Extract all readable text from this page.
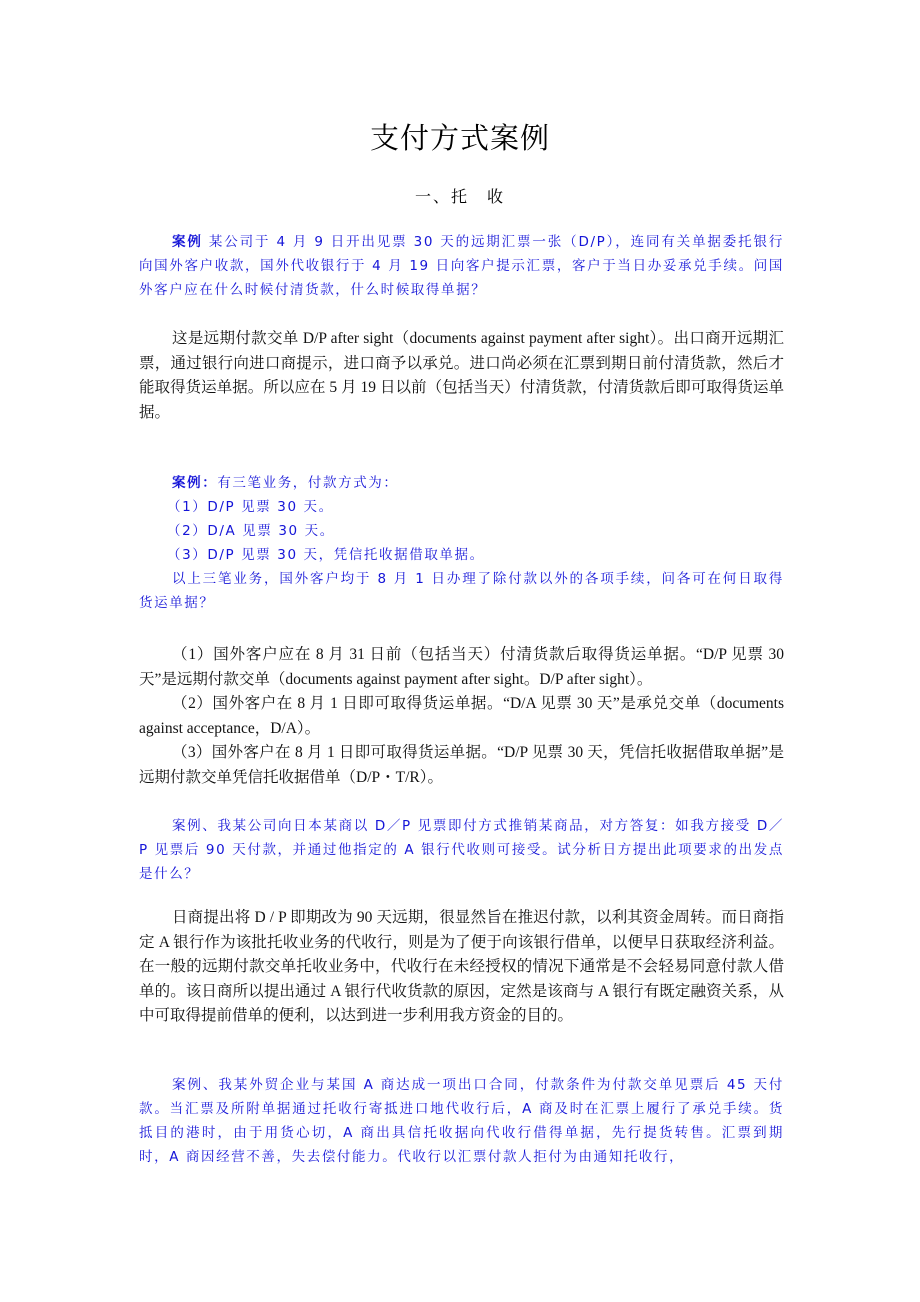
支付方式案例
一、托　收

案例 某公司于 4 月 9 日开出见票 30 天的远期汇票一张（D/P），连同有关单据委托银行向国外客户收款，国外代收银行于 4 月 19 日向客户提示汇票，客户于当日办妥承兑手续。问国外客户应在什么时候付清货款，什么时候取得单据？

这是远期付款交单 D/P after sight（documents against payment after sight）。出口商开远期汇票，通过银行向进口商提示，进口商予以承兑。进口尚必须在汇票到期日前付清货款，然后才能取得货运单据。所以应在 5 月 19 日以前（包括当天）付清货款，付清货款后即可取得货运单据。

案例：有三笔业务，付款方式为：

（1）D/P 见票 30 天。

（2）D/A 见票 30 天。

（3）D/P 见票 30 天，凭信托收据借取单据。

以上三笔业务，国外客户均于 8 月 1 日办理了除付款以外的各项手续，问各可在何日取得货运单据？

（1）国外客户应在 8 月 31 日前（包括当天）付清货款后取得货运单据。“D/P 见票 30 天”是远期付款交单（documents against payment after sight。D/P after sight）。

（2）国外客户在 8 月 1 日即可取得货运单据。“D/A 见票 30 天”是承兑交单（documents against acceptance，D/A）。

（3）国外客户在 8 月 1 日即可取得货运单据。“D/P 见票 30 天，凭信托收据借取单据”是远期付款交单凭信托收据借单（D/P・T/R）。

案例、我某公司向日本某商以 D／P 见票即付方式推销某商品，对方答复：如我方接受 D／P 见票后 90 天付款，并通过他指定的 A 银行代收则可接受。试分析日方提出此项要求的出发点是什么？

日商提出将 D / P 即期改为 90 天远期，很显然旨在推迟付款，以利其资金周转。而日商指定 A 银行作为该批托收业务的代收行，则是为了便于向该银行借单，以便早日获取经济利益。在一般的远期付款交单托收业务中，代收行在未经授权的情况下通常是不会轻易同意付款人借单的。该日商所以提出通过 A 银行代收货款的原因，定然是该商与 A 银行有既定融资关系，从中可取得提前借单的便利，以达到进一步利用我方资金的目的。

案例、我某外贸企业与某国 A 商达成一项出口合同，付款条件为付款交单见票后 45 天付款。当汇票及所附单据通过托收行寄抵进口地代收行后，A 商及时在汇票上履行了承兑手续。货抵目的港时，由于用货心切，A 商出具信托收据向代收行借得单据，先行提货转售。汇票到期时，A 商因经营不善，失去偿付能力。代收行以汇票付款人拒付为由通知托收行，
